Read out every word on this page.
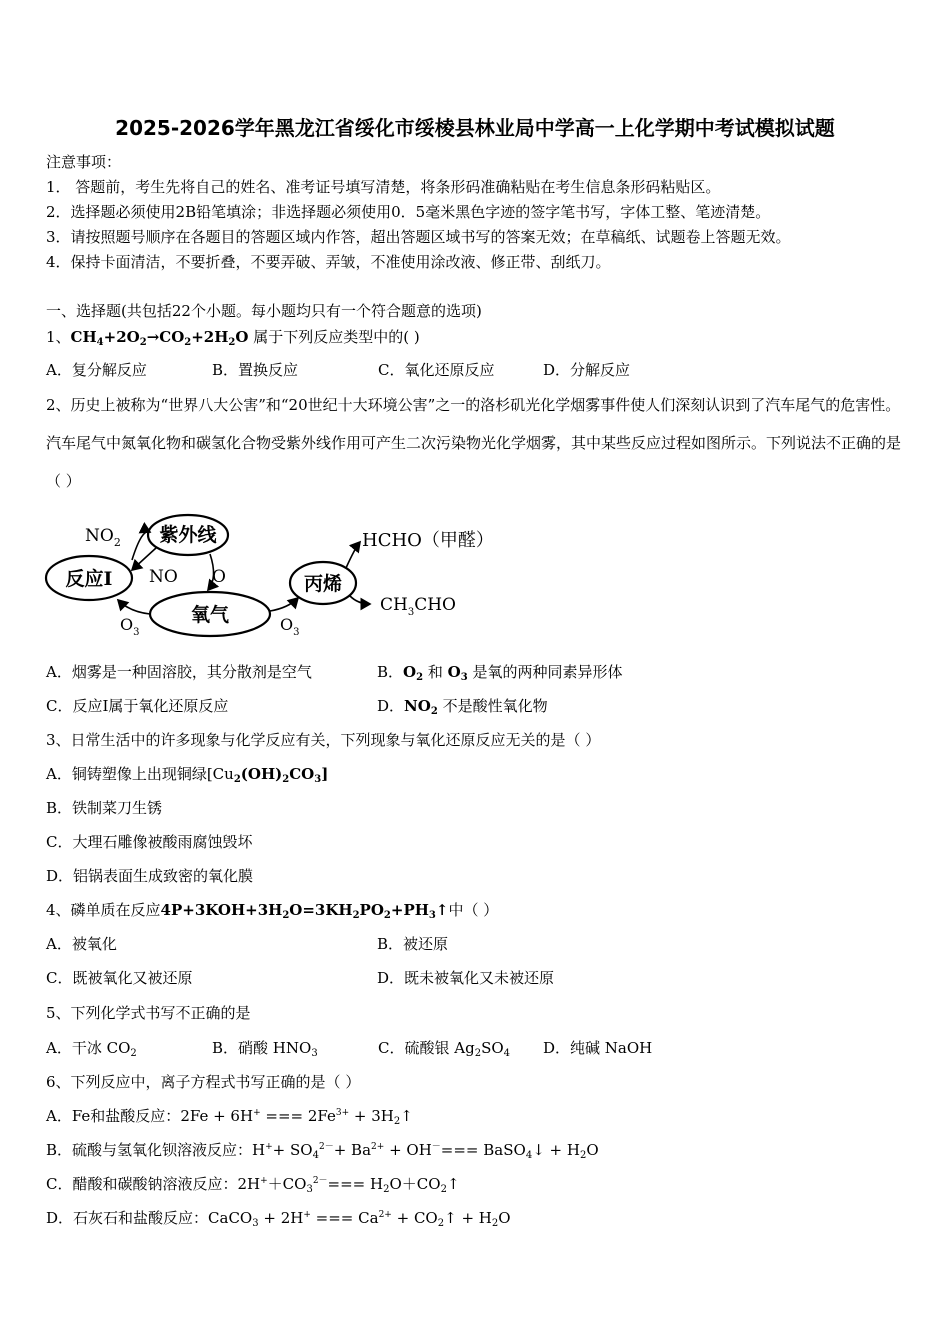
2025-2026学年黑龙江省绥化市绥棱县林业局中学高一上化学期中考试模拟试题
注意事项：
1． 答题前，考生先将自己的姓名、准考证号填写清楚，将条形码准确粘贴在考生信息条形码粘贴区。
2．选择题必须使用2B铅笔填涂；非选择题必须使用0．5毫米黑色字迹的签字笔书写，字体工整、笔迹清楚。
3．请按照题号顺序在各题目的答题区域内作答，超出答题区域书写的答案无效；在草稿纸、试题卷上答题无效。
4．保持卡面清洁，不要折叠，不要弄破、弄皱，不准使用涂改液、修正带、刮纸刀。
一、选择题(共包括22个小题。每小题均只有一个符合题意的选项)
1、$CH_4+2O_2\to CO_2+2H_2O$ 属于下列反应类型中的( )
A．复分解反应	B．置换反应	C．氧化还原反应	D．分解反应
2、历史上被称为“世界八大公害”和“20世纪十大环境公害”之一的洛杉矶光化学烟雾事件使人们深刻认识到了汽车尾气的危害性。汽车尾气中氮氧化物和碳氢化合物受紫外线作用可产生二次污染物光化学烟雾，其中某些反应过程如图所示。下列说法不正确的是（ ）
紫外线
反应I
氧气
丙烯
$NO_2$
NO O
$O_3$	$O_3$
HCHO（甲醛）
$CH_3CHO$
A．烟雾是一种固溶胶，其分散剂是空气	B．$O_2$ 和 $O_3$ 是氧的两种同素异形体
C．反应I属于氧化还原反应	D．$NO_2$ 不是酸性氧化物
3、日常生活中的许多现象与化学反应有关，下列现象与氧化还原反应无关的是（ ）
A．铜铸塑像上出现铜绿$[Cu_2(OH)_2CO_3]$
B．铁制菜刀生锈
C．大理石雕像被酸雨腐蚀毁坏
D．铝锅表面生成致密的氧化膜
4、磷单质在反应$4P+3KOH+3H_2O=3KH_2PO_2+PH_3↑$中（ ）
A．被氧化	B．被还原
C．既被氧化又被还原	D．既未被氧化又未被还原
5、下列化学式书写不正确的是
A．干冰 $CO_2$	B．硝酸 $HNO_3$	C．硫酸银 $Ag_2SO_4$ D．纯碱 NaOH
6、下列反应中，离子方程式书写正确的是（ ）
A．Fe和盐酸反应：2Fe + 6H+ === $2Fe^{3+}$ + $3H_2↑$
B．硫酸与氢氧化钡溶液反应：$H^++ SO_4^{2-}+ Ba^{2+} + OH^-===$ BaSO$_4$↓ + $H_2O$
C．醋酸和碳酸钠溶液反应：$2H^++CO_3^{2-}===$ $H_2O+CO_2↑$
D．石灰石和盐酸反应：CaCO$_3$ + 2H+ === $Ca^{2+}$ + $CO_2↑ + H_2O$
